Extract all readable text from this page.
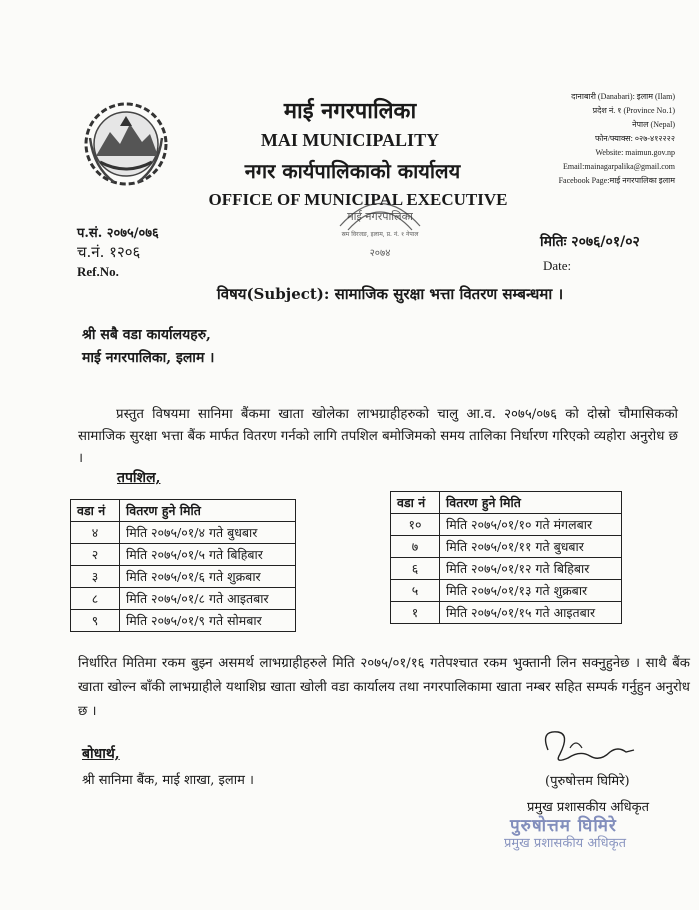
माई नगरपालिका
MAI MUNICIPALITY
नगर कार्यपालिकाको कार्यालय
OFFICE OF MUNICIPAL EXECUTIVE
दानाबारी (Danabari): इलाम (Ilam)
प्रदेश नं. १ (Province No.1)
नेपाल (Nepal)
फोन/फ्याक्स: ०२७-४१२२२२
Website: maimun.gov.np
Email:mainagarpalika@gmail.com
Facebook Page:माई नगरपालिका इलाम
माई नगरपालिका
स्रम विरजङ, इलाम, प्र. नं. १ नेपाल
२०७४
प.सं. २०७५/०७६
च.नं. १२०६
Ref.No.
मितिः २०७६/०१/०२
Date:
विषय(Subject): सामाजिक सुरक्षा भत्ता वितरण सम्बन्धमा ।
श्री सबै वडा कार्यालयहरु,
माई नगरपालिका, इलाम ।
प्रस्तुत विषयमा सानिमा बैंकमा खाता खोलेका लाभग्राहीहरुको चालु आ.व. २०७५/०७६ को दोस्रो चौमासिकको सामाजिक सुरक्षा भत्ता बैंक मार्फत वितरण गर्नको लागि तपशिल बमोजिमको समय तालिका निर्धारण गरिएको व्यहोरा अनुरोध छ ।
तपशिल,
वडा नं	वितरण हुने मिति
४	मिति २०७५/०१/४ गते बुधबार
२	मिति २०७५/०१/५ गते बिहिबार
३	मिति २०७५/०१/६ गते शुक्रबार
८	मिति २०७५/०१/८ गते आइतबार
९	मिति २०७५/०१/९ गते सोमबार
वडा नं	वितरण हुने मिति
१०	मिति २०७५/०१/१० गते मंगलबार
७	मिति २०७५/०१/११ गते बुधबार
६	मिति २०७५/०१/१२ गते बिहिबार
५	मिति २०७५/०१/१३ गते शुक्रबार
१	मिति २०७५/०१/१५ गते आइतबार
निर्धारित मितिमा रकम बुझ्न असमर्थ लाभग्राहीहरुले मिति २०७५/०१/१६ गतेपश्चात रकम भुक्तानी लिन सक्नुहुनेछ । साथै बैंक खाता खोल्न बाँकी लाभग्राहीले यथाशिघ्र खाता खोली वडा कार्यालय तथा नगरपालिकामा खाता नम्बर सहित सम्पर्क गर्नुहुन अनुरोध छ ।
बोधार्थ,
श्री सानिमा बैंक, माई शाखा, इलाम ।	(पुरुषोत्तम घिमिरे)
प्रमुख प्रशासकीय अधिकृत
पुरुषोत्तम घिमिरे
प्रमुख प्रशासकीय अधिकृत
